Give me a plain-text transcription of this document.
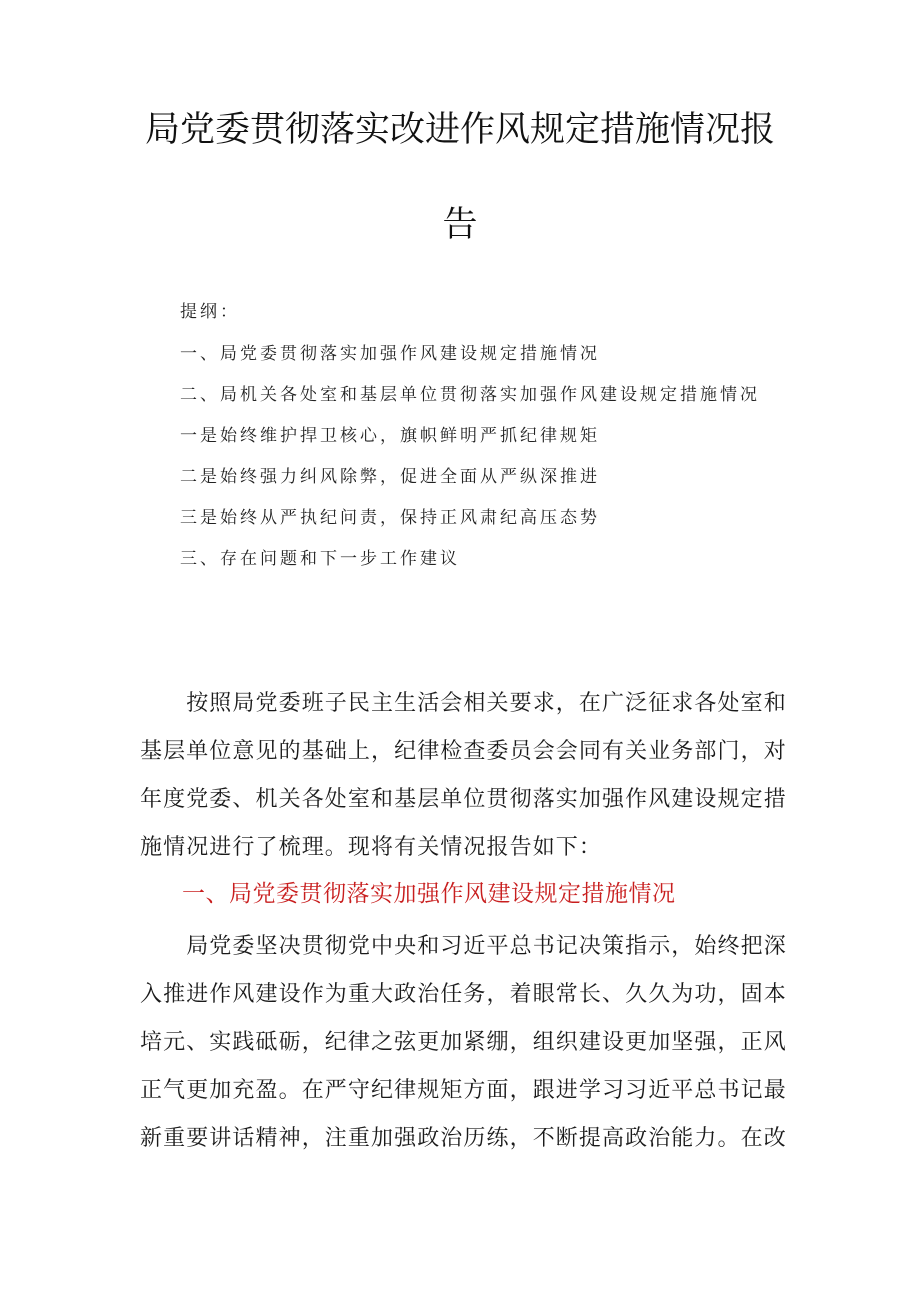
局党委贯彻落实改进作风规定措施情况报
告
提纲：
一、局党委贯彻落实加强作风建设规定措施情况
二、局机关各处室和基层单位贯彻落实加强作风建设规定措施情况
一是始终维护捍卫核心，旗帜鲜明严抓纪律规矩
二是始终强力纠风除弊，促进全面从严纵深推进
三是始终从严执纪问责，保持正风肃纪高压态势
三、存在问题和下一步工作建议
　　按照局党委班子民主生活会相关要求，在广泛征求各处室和
基层单位意见的基础上，纪律检查委员会会同有关业务部门，对
年度党委、机关各处室和基层单位贯彻落实加强作风建设规定措
施情况进行了梳理。现将有关情况报告如下：
一、局党委贯彻落实加强作风建设规定措施情况
　　局党委坚决贯彻党中央和习近平总书记决策指示，始终把深
入推进作风建设作为重大政治任务，着眼常长、久久为功，固本
培元、实践砥砺，纪律之弦更加紧绷，组织建设更加坚强，正风
正气更加充盈。在严守纪律规矩方面，跟进学习习近平总书记最
新重要讲话精神，注重加强政治历练，不断提高政治能力。在改
